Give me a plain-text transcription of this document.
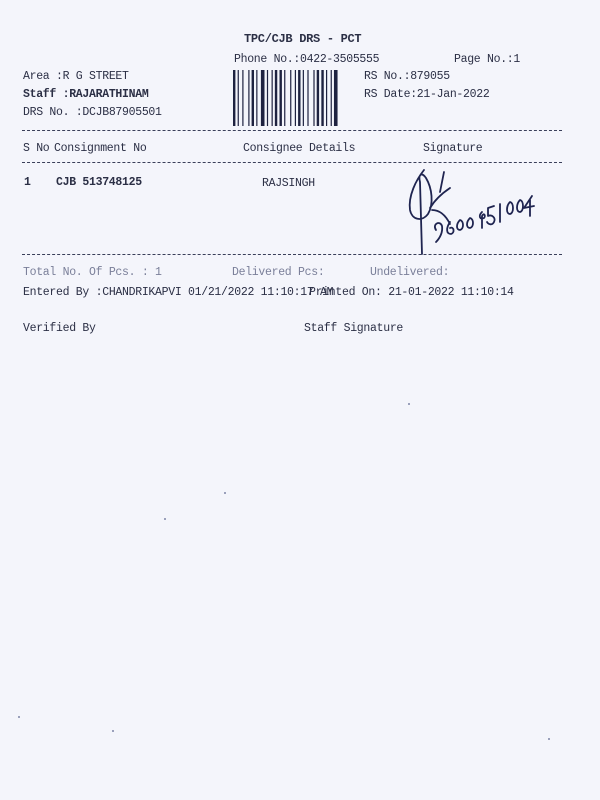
TPC/CJB DRS - PCT
Phone No.:0422-3505555	Page No.:1
Area :R G STREET
Staff :RAJARATHINAM
DRS No. :DCJB87905501
RS No.:879055
RS Date:21-Jan-2022
S No Consignment No	Consignee Details	Signature
1 CJB 513748125	RAJSINGH
Total No. Of Pcs. : 1	Delivered Pcs:	Undelivered:
Entered By :CHANDRIKAPVI 01/21/2022 11:10:17 AM
Printed On: 21-01-2022 11:10:14
Verified By	Staff Signature
